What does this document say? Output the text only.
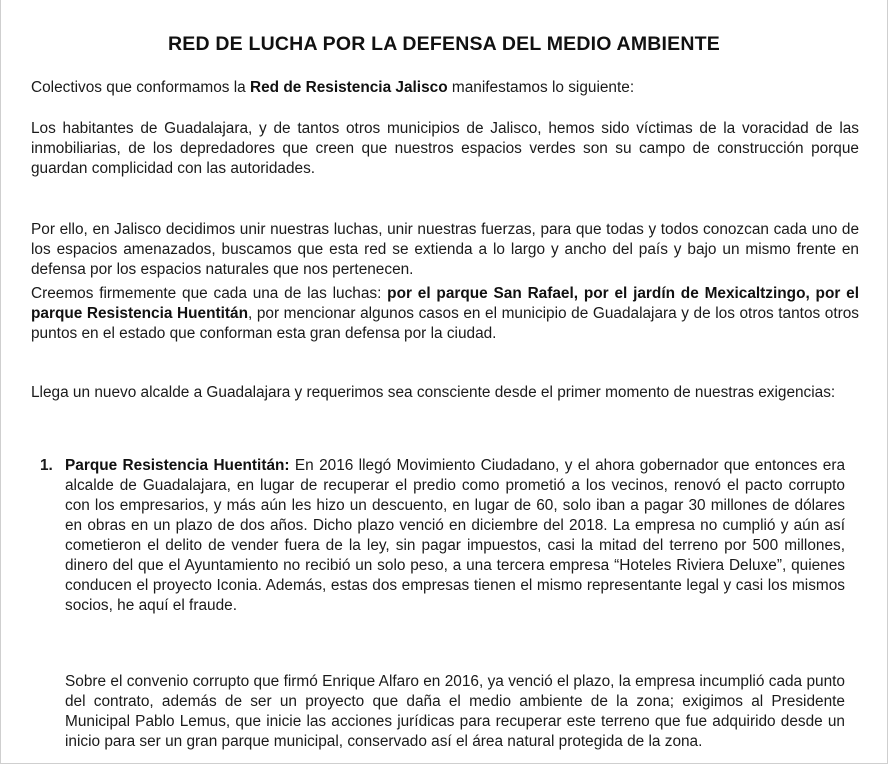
RED DE LUCHA POR LA DEFENSA DEL MEDIO AMBIENTE

Colectivos que conformamos la Red de Resistencia Jalisco manifestamos lo siguiente:

Los habitantes de Guadalajara, y de tantos otros municipios de Jalisco, hemos sido víctimas de la voracidad de las inmobiliarias, de los depredadores que creen que nuestros espacios verdes son su campo de construcción porque guardan complicidad con las autoridades.

Por ello, en Jalisco decidimos unir nuestras luchas, unir nuestras fuerzas, para que todas y todos conozcan cada uno de los espacios amenazados, buscamos que esta red se extienda a lo largo y ancho del país y bajo un mismo frente en defensa por los espacios naturales que nos pertenecen.

Creemos firmemente que cada una de las luchas: por el parque San Rafael, por el jardín de Mexicaltzingo, por el parque Resistencia Huentitán, por mencionar algunos casos en el municipio de Guadalajara y de los otros tantos otros puntos en el estado que conforman esta gran defensa por la ciudad.

Llega un nuevo alcalde a Guadalajara y requerimos sea consciente desde el primer momento de nuestras exigencias:

1. Parque Resistencia Huentitán: En 2016 llegó Movimiento Ciudadano, y el ahora gobernador que entonces era alcalde de Guadalajara, en lugar de recuperar el predio como prometió a los vecinos, renovó el pacto corrupto con los empresarios, y más aún les hizo un descuento, en lugar de 60, solo iban a pagar 30 millones de dólares en obras en un plazo de dos años. Dicho plazo venció en diciembre del 2018. La empresa no cumplió y aún así cometieron el delito de vender fuera de la ley, sin pagar impuestos, casi la mitad del terreno por 500 millones, dinero del que el Ayuntamiento no recibió un solo peso, a una tercera empresa “Hoteles Riviera Deluxe”, quienes conducen el proyecto Iconia. Además, estas dos empresas tienen el mismo representante legal y casi los mismos socios, he aquí el fraude.

Sobre el convenio corrupto que firmó Enrique Alfaro en 2016, ya venció el plazo, la empresa incumplió cada punto del contrato, además de ser un proyecto que daña el medio ambiente de la zona; exigimos al Presidente Municipal Pablo Lemus, que inicie las acciones jurídicas para recuperar este terreno que fue adquirido desde un inicio para ser un gran parque municipal, conservado así el área natural protegida de la zona.
